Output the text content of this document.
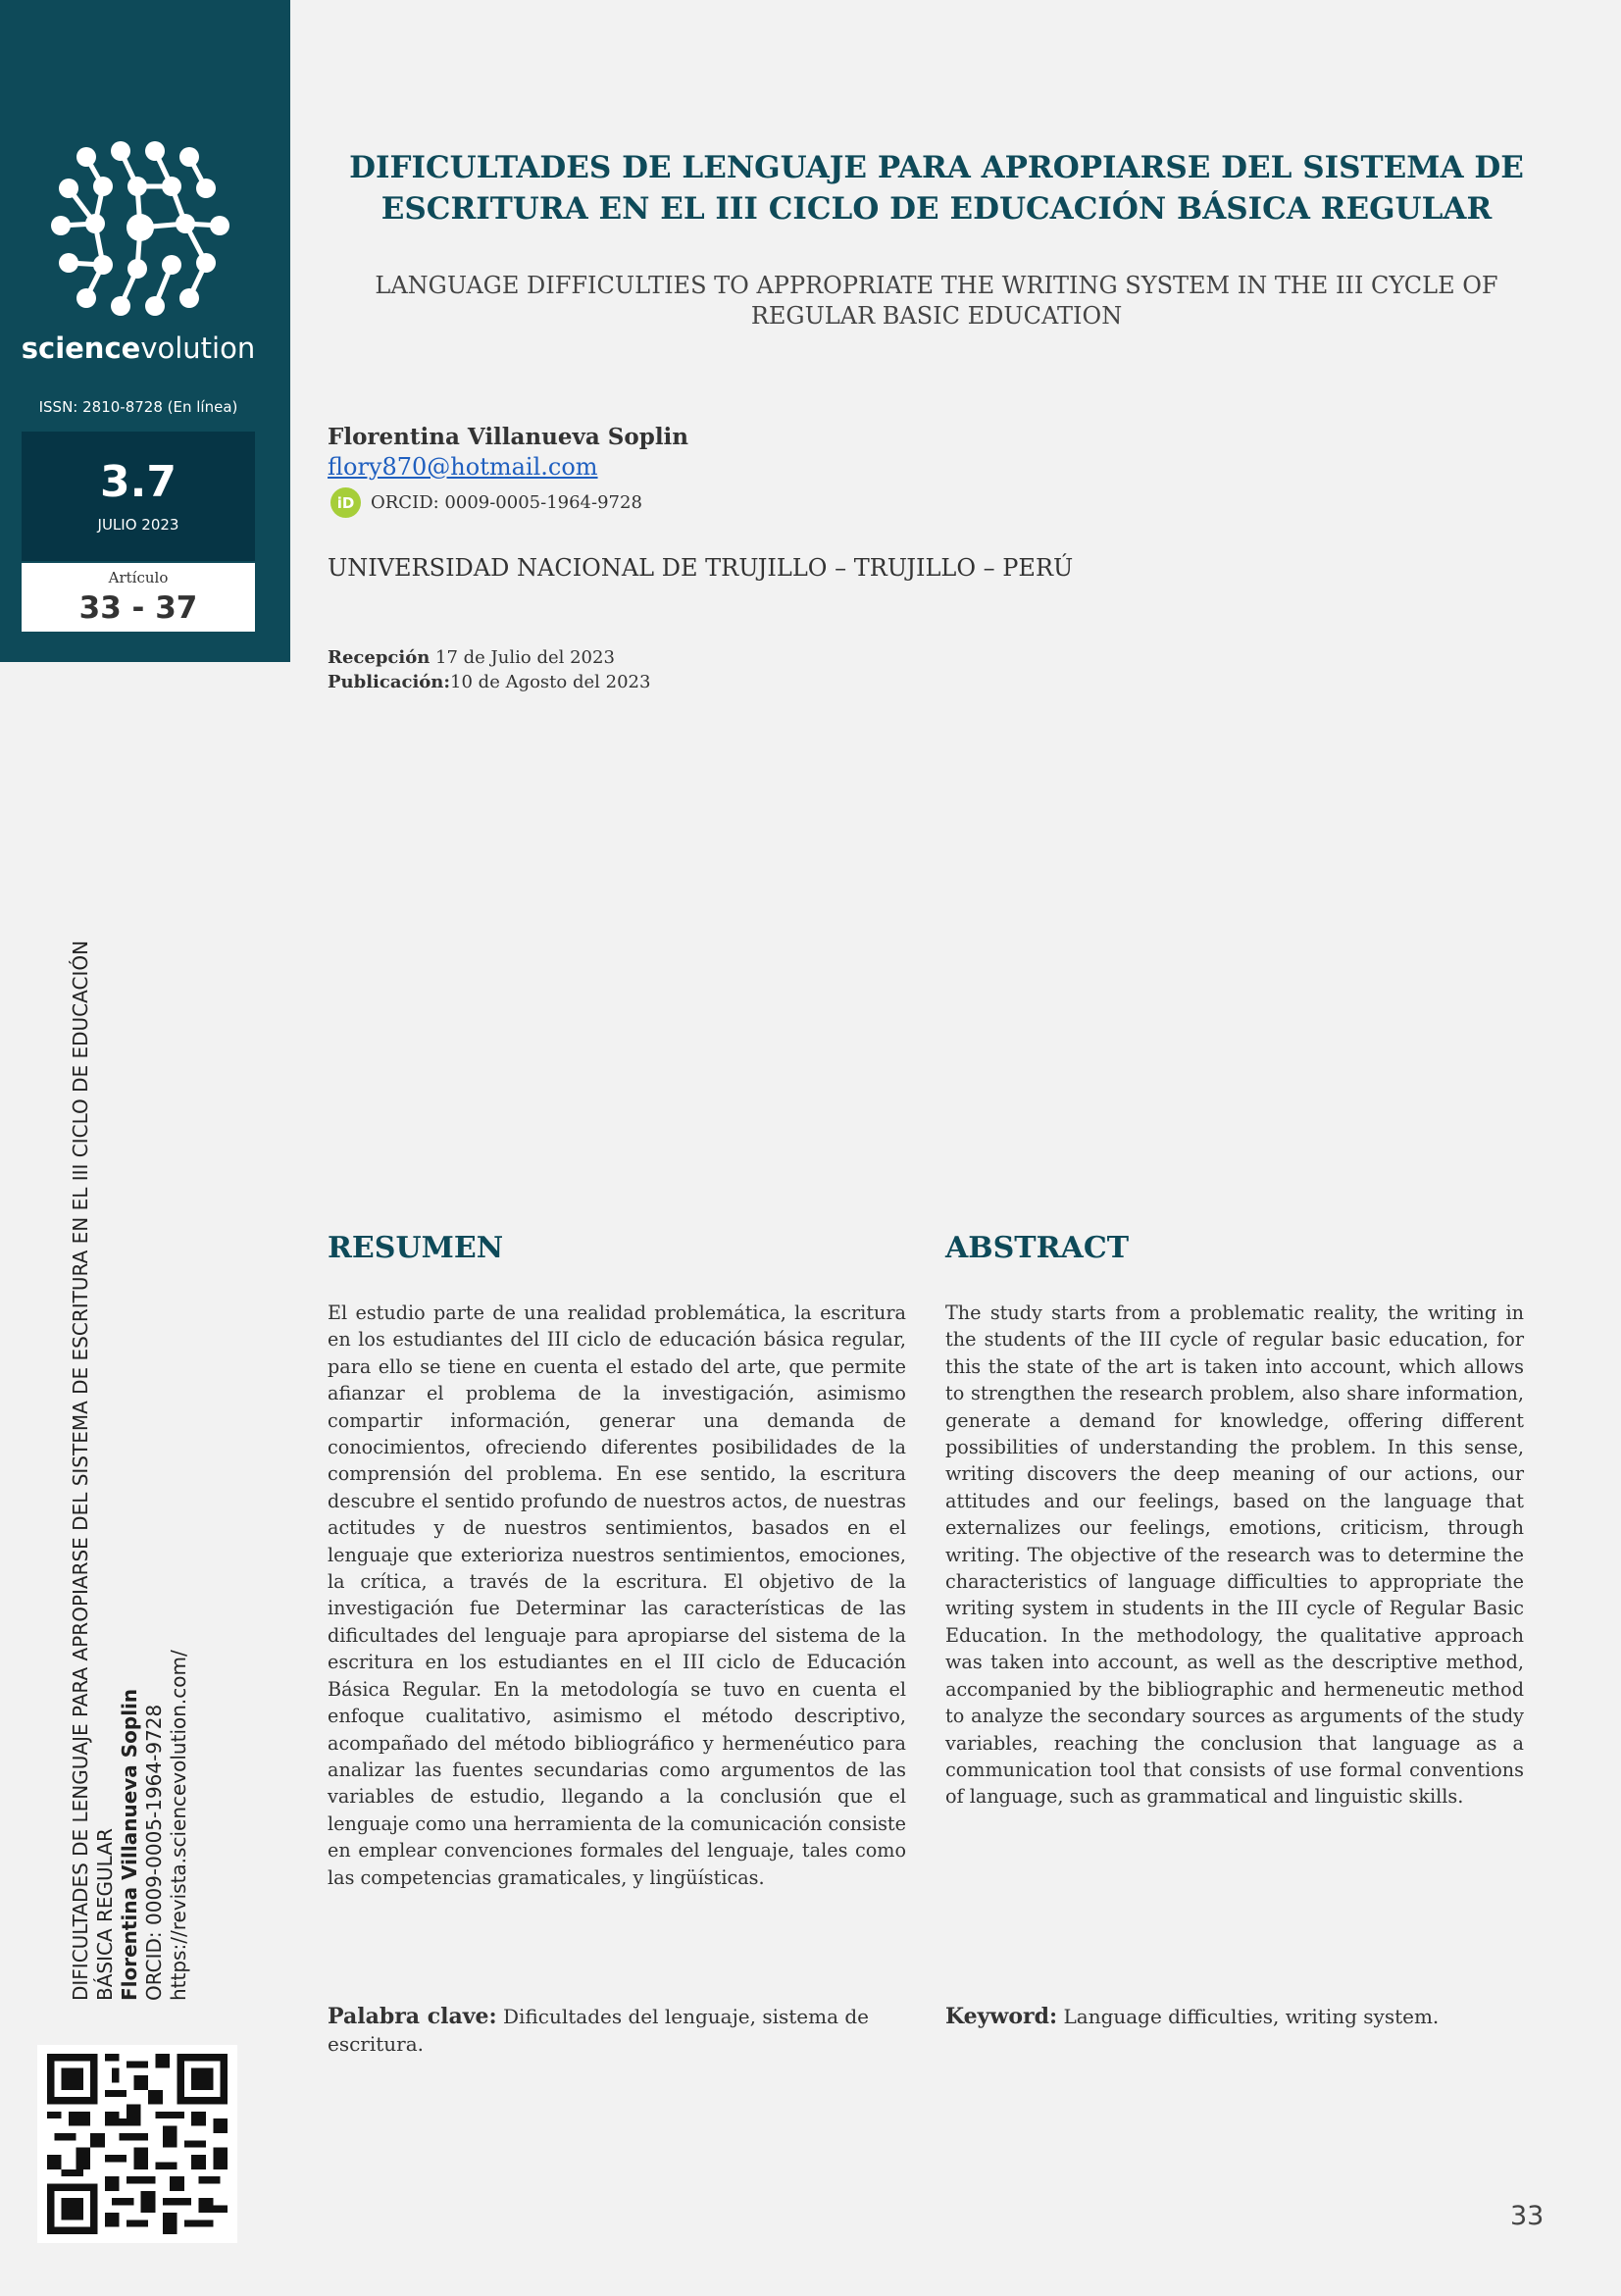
sciencevolution
ISSN: 2810-8728 (En línea)
3.7
JULIO 2023
Artículo
33 - 37
DIFICULTADES DE LENGUAJE PARA APROPIARSE DEL SISTEMA DE ESCRITURA EN EL III CICLO DE EDUCACIÓN BÁSICA REGULAR Florentina Villanueva Soplin ORCID: 0009-0005-1964-9728 https://revista.sciencevolution.com/
DIFICULTADES DE LENGUAJE PARA APROPIARSE DEL SISTEMA DE ESCRITURA EN EL III CICLO DE EDUCACIÓN BÁSICA REGULAR
LANGUAGE DIFFICULTIES TO APPROPRIATE THE WRITING SYSTEM IN THE III CYCLE OF REGULAR BASIC EDUCATION
Florentina Villanueva Soplin
flory870@hotmail.com
iD ORCID: 0009-0005-1964-9728
UNIVERSIDAD NACIONAL DE TRUJILLO – TRUJILLO – PERÚ
Recepción 17 de Julio del 2023
Publicación:10 de Agosto del 2023
RESUMEN

El estudio parte de una realidad problemática, la escritura en los estudiantes del III ciclo de educación básica regular, para ello se tiene en cuenta el estado del arte, que permite afianzar el problema de la investigación, asimismo compartir información, generar una demanda de conocimientos, ofreciendo diferentes posibilidades de la comprensión del problema. En ese sentido, la escritura descubre el sentido profundo de nuestros actos, de nuestras actitudes y de nuestros sentimientos, basados en el lenguaje que exterioriza nuestros sentimientos, emociones, la crítica, a través de la escritura. El objetivo de la investigación fue Determinar las características de las dificultades del lenguaje para apropiarse del sistema de la escritura en los estudiantes en el III ciclo de Educación Básica Regular. En la metodología se tuvo en cuenta el enfoque cualitativo, asimismo el método descriptivo, acompañado del método bibliográfico y hermenéutico para analizar las fuentes secundarias como argumentos de las variables de estudio, llegando a la conclusión que el lenguaje como una herramienta de la comunicación consiste en emplear convenciones formales del lenguaje, tales como las competencias gramaticales, y lingüísticas.

Palabra clave: Dificultades del lenguaje, sistema de escritura.
ABSTRACT

The study starts from a problematic reality, the writing in the students of the III cycle of regular basic education, for this the state of the art is taken into account, which allows to strengthen the research problem, also share information, generate a demand for knowledge, offering different possibilities of understanding the problem. In this sense, writing discovers the deep meaning of our actions, our attitudes and our feelings, based on the language that externalizes our feelings, emotions, criticism, through writing. The objective of the research was to determine the characteristics of language difficulties to appropriate the writing system in students in the III cycle of Regular Basic Education. In the methodology, the qualitative approach was taken into account, as well as the descriptive method, accompanied by the bibliographic and hermeneutic method to analyze the secondary sources as arguments of the study variables, reaching the conclusion that language as a communication tool that consists of use formal conventions of language, such as grammatical and linguistic skills.

Keyword: Language difficulties, writing system.
33
